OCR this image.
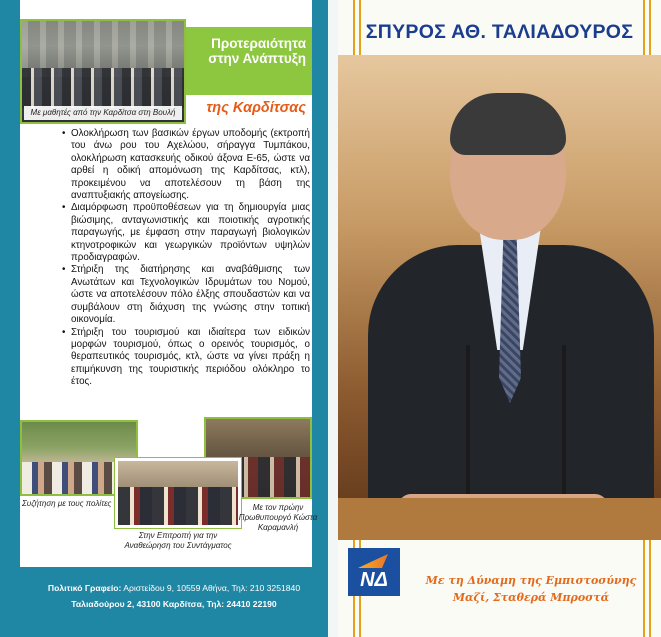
Με μαθητές από την Καρδίτσα στη Βουλή
Προτεραιότητα στην Ανάπτυξη
της Καρδίτσας
• Ολοκλήρωση των βασικών έργων υποδομής (εκτροπή του άνω ρου του Αχελώου, σήραγγα Τυμπάκου, ολοκλήρωση κατασκευής οδικού άξονα Ε-65, ώστε να αρθεί η οδική απομόνωση της Καρδίτσας, κτλ), προκειμένου να αποτελέσουν τη βάση της αναπτυξιακής απογείωσης.
• Διαμόρφωση προϋποθέσεων για τη δημιουργία μιας βιώσιμης, ανταγωνιστικής και ποιοτικής αγροτικής παραγωγής, με έμφαση στην παραγωγή βιολογικών κτηνοτροφικών και γεωργικών προϊόντων υψηλών προδιαγραφών.
• Στήριξη της διατήρησης και αναβάθμισης των Ανωτάτων και Τεχνολογικών Ιδρυμάτων του Νομού, ώστε να αποτελέσουν πόλο έλξης σπουδαστών και να συμβάλουν στη διάχυση της γνώσης στην τοπική οικονομία.
• Στήριξη του τουρισμού και ιδιαίτερα των ειδικών μορφών τουρισμού, όπως ο ορεινός τουρισμός, ο θεραπευτικός τουρισμός, κτλ, ώστε να γίνει πράξη η επιμήκυνση της τουριστικής περιόδου ολόκληρο το έτος.
Συζήτηση με τους πολίτες
Στην Επιτροπή για την Αναθεώρηση του Συντάγματος
Με τον πρώην Πρωθυπουργό Κώστα Καραμανλή
Πολιτικό Γραφείο: Αριστείδου 9, 10559 Αθήνα, Τηλ: 210 3251840
Ταλιαδούρου 2, 43100 Καρδίτσα, Τηλ: 24410 22190
ΣΠΥΡΟΣ ΑΘ. ΤΑΛΙΑΔΟΥΡΟΣ
ΝΔ	Με τη Δύναμη της Εμπιστοσύνης
Μαζί, Σταθερά Μπροστά
